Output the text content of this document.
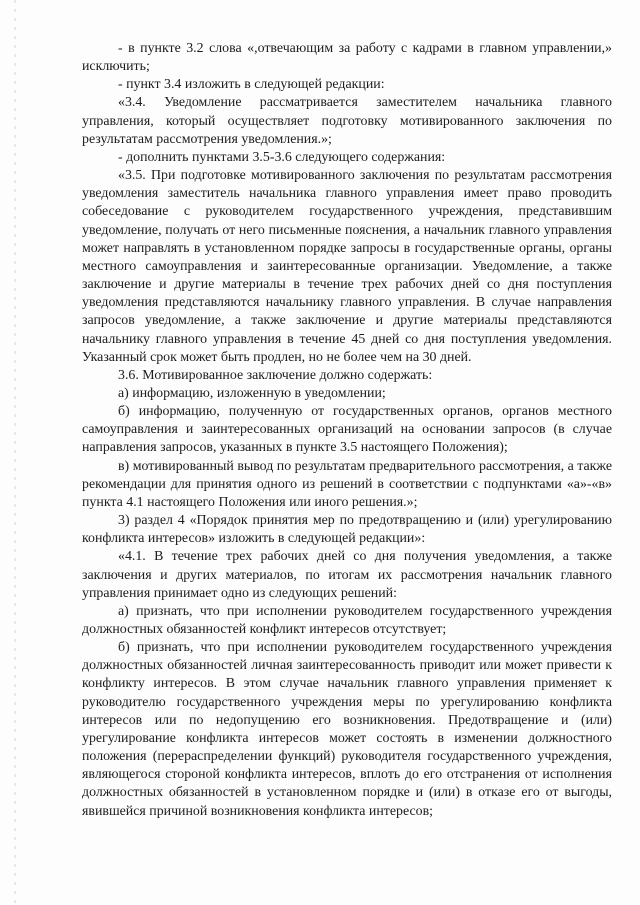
- в пункте 3.2 слова «,отвечающим за работу с кадрами в главном управлении,» исключить;

- пункт 3.4 изложить в следующей редакции:

«3.4. Уведомление рассматривается заместителем начальника главного управления, который осуществляет подготовку мотивированного заключения по результатам рассмотрения уведомления.»;

- дополнить пунктами 3.5-3.6 следующего содержания:

«3.5. При подготовке мотивированного заключения по результатам рассмотрения уведомления заместитель начальника главного управления имеет право проводить собеседование с руководителем государственного учреждения, представившим уведомление, получать от него письменные пояснения, а начальник главного управления может направлять в установленном порядке запросы в государственные органы, органы местного самоуправления и заинтересованные организации. Уведомление, а также заключение и другие материалы в течение трех рабочих дней со дня поступления уведомления представляются начальнику главного управления. В случае направления запросов уведомление, а также заключение и другие материалы представляются начальнику главного управления в течение 45 дней со дня поступления уведомления. Указанный срок может быть продлен, но не более чем на 30 дней.

3.6. Мотивированное заключение должно содержать:

а) информацию, изложенную в уведомлении;

б) информацию, полученную от государственных органов, органов местного самоуправления и заинтересованных организаций на основании запросов (в случае направления запросов, указанных в пункте 3.5 настоящего Положения);

в) мотивированный вывод по результатам предварительного рассмотрения, а также рекомендации для принятия одного из решений в соответствии с подпунктами «а»-«в» пункта 4.1 настоящего Положения или иного решения.»;

3) раздел 4 «Порядок принятия мер по предотвращению и (или) урегулированию конфликта интересов» изложить в следующей редакции»:

«4.1. В течение трех рабочих дней со дня получения уведомления, а также заключения и других материалов, по итогам их рассмотрения начальник главного управления принимает одно из следующих решений:

а) признать, что при исполнении руководителем государственного учреждения должностных обязанностей конфликт интересов отсутствует;

б) признать, что при исполнении руководителем государственного учреждения должностных обязанностей личная заинтересованность приводит или может привести к конфликту интересов. В этом случае начальник главного управления применяет к руководителю государственного учреждения меры по урегулированию конфликта интересов или по недопущению его возникновения. Предотвращение и (или) урегулирование конфликта интересов может состоять в изменении должностного положения (перераспределении функций) руководителя государственного учреждения, являющегося стороной конфликта интересов, вплоть до его отстранения от исполнения должностных обязанностей в установленном порядке и (или) в отказе его от выгоды, явившейся причиной возникновения конфликта интересов;
